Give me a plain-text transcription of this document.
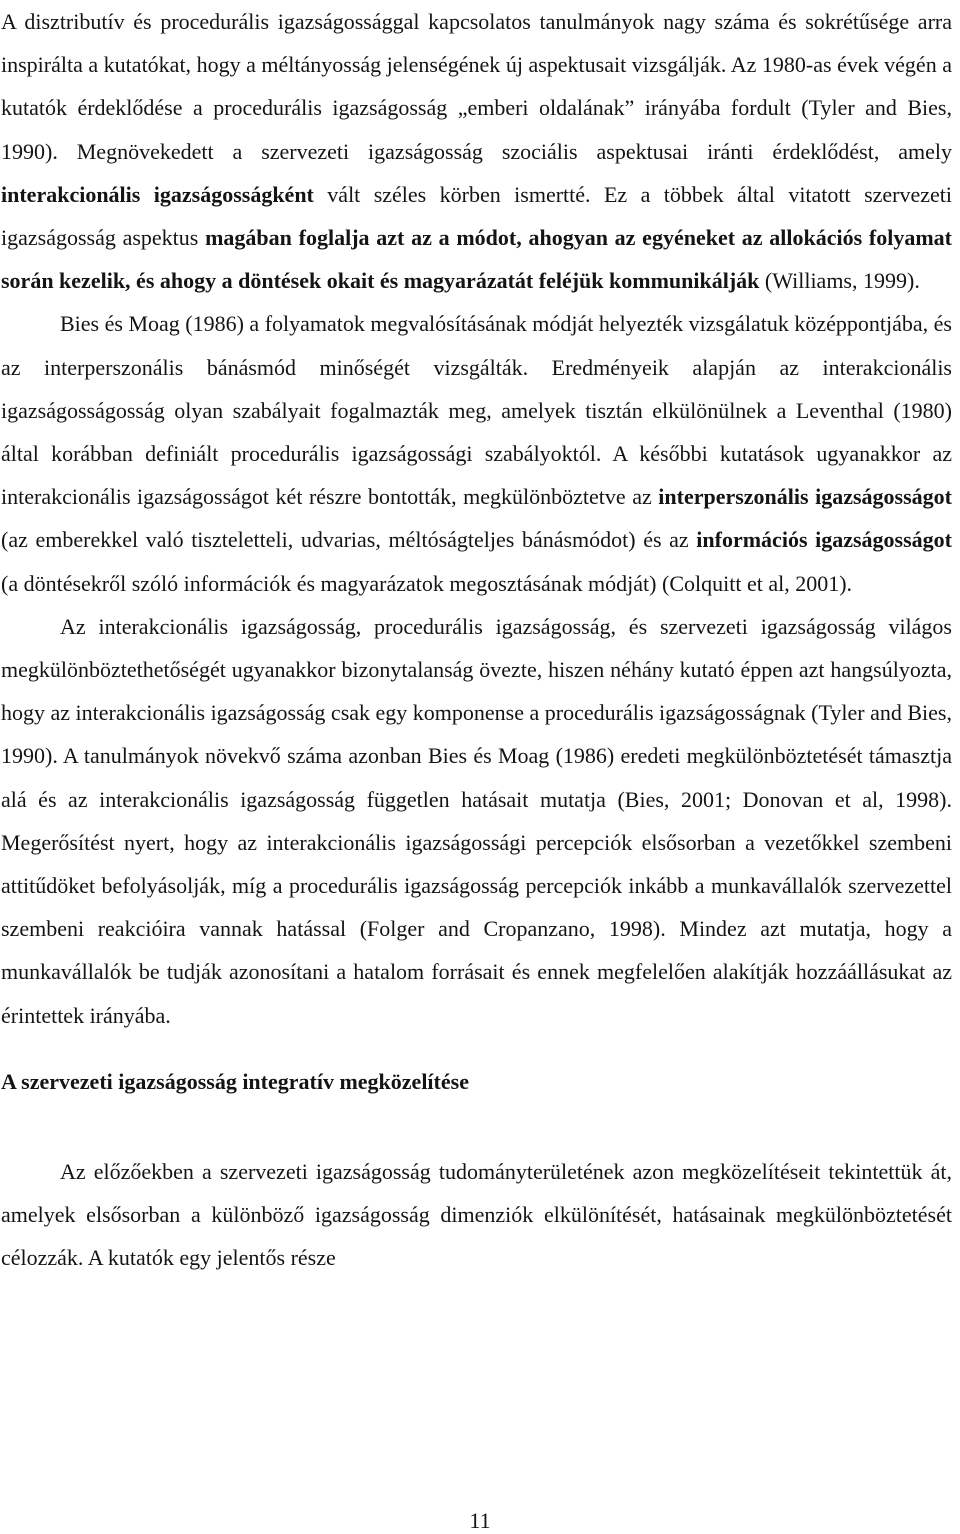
A disztributív és procedurális igazságossággal kapcsolatos tanulmányok nagy száma és sokrétűsége arra inspirálta a kutatókat, hogy a méltányosság jelenségének új aspektusait vizsgálják. Az 1980-as évek végén a kutatók érdeklődése a procedurális igazságosság „emberi oldalának” irányába fordult (Tyler and Bies, 1990). Megnövekedett a szervezeti igazságosság szociális aspektusai iránti érdeklődést, amely interakcionális igazságosságként vált széles körben ismertté. Ez a többek által vitatott szervezeti igazságosság aspektus magában foglalja azt az a módot, ahogyan az egyéneket az allokációs folyamat során kezelik, és ahogy a döntések okait és magyarázatát feléjük kommunikálják (Williams, 1999).

Bies és Moag (1986) a folyamatok megvalósításának módját helyezték vizsgálatuk középpontjába, és az interperszonális bánásmód minőségét vizsgálták. Eredményeik alapján az interakcionális igazságosságosság olyan szabályait fogalmazták meg, amelyek tisztán elkülönülnek a Leventhal (1980) által korábban definiált procedurális igazságossági szabályoktól. A későbbi kutatások ugyanakkor az interakcionális igazságosságot két részre bontották, megkülönböztetve az interperszonális igazságosságot (az emberekkel való tiszteletteli, udvarias, méltóságteljes bánásmódot) és az információs igazságosságot (a döntésekről szóló információk és magyarázatok megosztásának módját) (Colquitt et al, 2001).

Az interakcionális igazságosság, procedurális igazságosság, és szervezeti igazságosság világos megkülönböztethetőségét ugyanakkor bizonytalanság övezte, hiszen néhány kutató éppen azt hangsúlyozta, hogy az interakcionális igazságosság csak egy komponense a procedurális igazságosságnak (Tyler and Bies, 1990). A tanulmányok növekvő száma azonban Bies és Moag (1986) eredeti megkülönböztetését támasztja alá és az interakcionális igazságosság független hatásait mutatja (Bies, 2001; Donovan et al, 1998). Megerősítést nyert, hogy az interakcionális igazságossági percepciók elsősorban a vezetőkkel szembeni attitűdöket befolyásolják, míg a procedurális igazságosság percepciók inkább a munkavállalók szervezettel szembeni reakcióira vannak hatással (Folger and Cropanzano, 1998). Mindez azt mutatja, hogy a munkavállalók be tudják azonosítani a hatalom forrásait és ennek megfelelően alakítják hozzáállásukat az érintettek irányába.

A szervezeti igazságosság integratív megközelítése

Az előzőekben a szervezeti igazságosság tudományterületének azon megközelítéseit tekintettük át, amelyek elsősorban a különböző igazságosság dimenziók elkülönítését, hatásainak megkülönböztetését célozzák. A kutatók egy jelentős része

11
